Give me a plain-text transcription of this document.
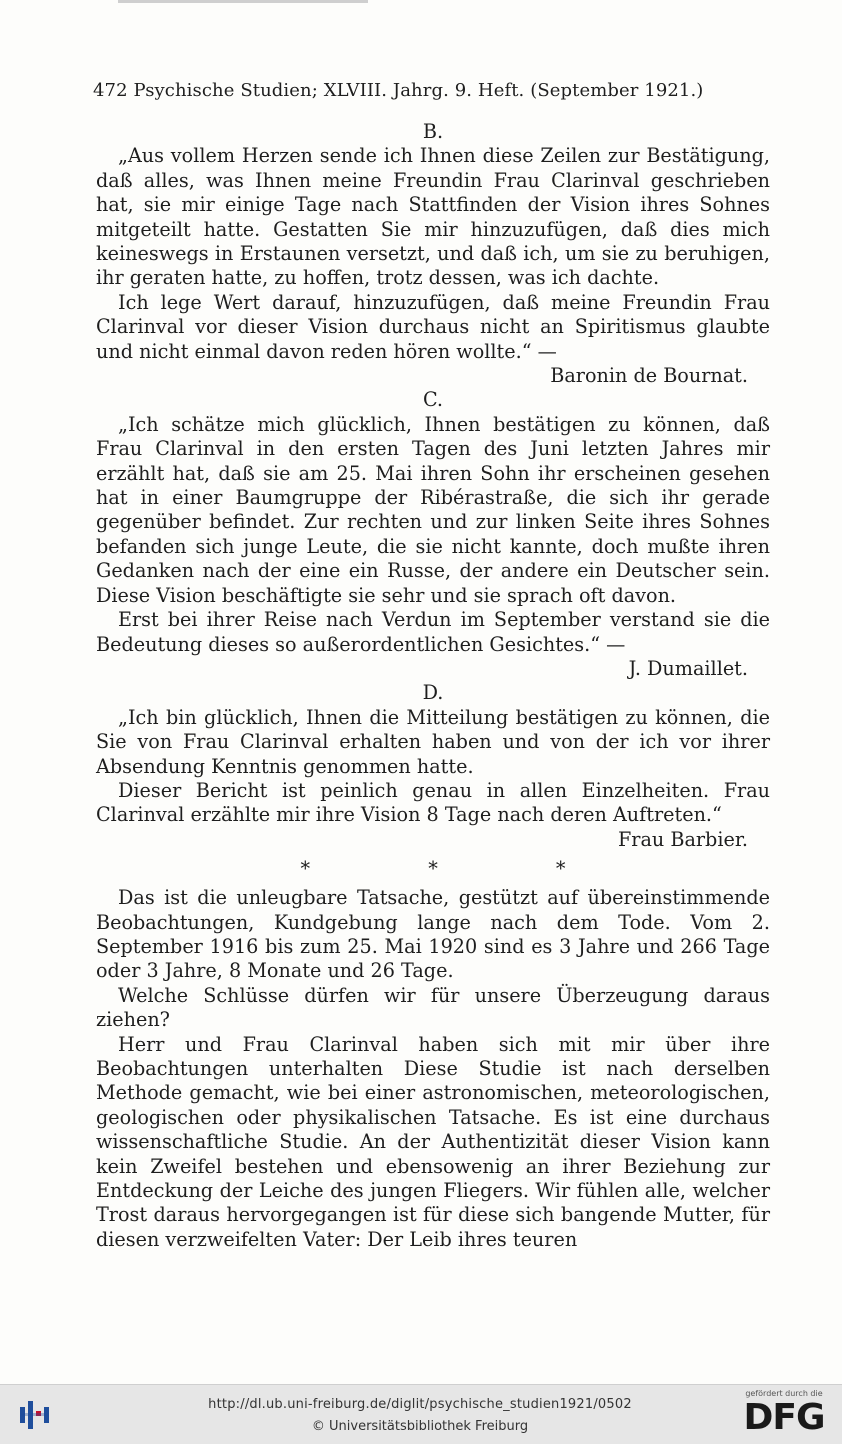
472 Psychische Studien; XLVIII. Jahrg. 9. Heft. (September 1921.)
B.

„Aus vollem Herzen sende ich Ihnen diese Zeilen zur Bestätigung, daß alles, was Ihnen meine Freundin Frau Clarinval geschrieben hat, sie mir einige Tage nach Stattfinden der Vision ihres Sohnes mitgeteilt hatte. Gestatten Sie mir hinzuzufügen, daß dies mich keineswegs in Erstaunen versetzt, und daß ich, um sie zu beruhigen, ihr geraten hatte, zu hoffen, trotz dessen, was ich dachte.

Ich lege Wert darauf, hinzuzufügen, daß meine Freundin Frau Clarinval vor dieser Vision durchaus nicht an Spiritismus glaubte und nicht einmal davon reden hören wollte.“ —

Baronin de Bournat.
C.

„Ich schätze mich glücklich, Ihnen bestätigen zu können, daß Frau Clarinval in den ersten Tagen des Juni letzten Jahres mir erzählt hat, daß sie am 25. Mai ihren Sohn ihr erscheinen gesehen hat in einer Baumgruppe der Ribérastraße, die sich ihr gerade gegenüber befindet. Zur rechten und zur linken Seite ihres Sohnes befanden sich junge Leute, die sie nicht kannte, doch mußte ihren Gedanken nach der eine ein Russe, der andere ein Deutscher sein. Diese Vision beschäftigte sie sehr und sie sprach oft davon.

Erst bei ihrer Reise nach Verdun im September verstand sie die Bedeutung dieses so außerordentlichen Gesichtes.“ —

J. Dumaillet.
D.

„Ich bin glücklich, Ihnen die Mitteilung bestätigen zu können, die Sie von Frau Clarinval erhalten haben und von der ich vor ihrer Absendung Kenntnis genommen hatte.

Dieser Bericht ist peinlich genau in allen Einzelheiten. Frau Clarinval erzählte mir ihre Vision 8 Tage nach deren Auftreten.“

Frau Barbier.
* * *

Das ist die unleugbare Tatsache, gestützt auf übereinstimmende Beobachtungen, Kundgebung lange nach dem Tode. Vom 2. September 1916 bis zum 25. Mai 1920 sind es 3 Jahre und 266 Tage oder 3 Jahre, 8 Monate und 26 Tage.

Welche Schlüsse dürfen wir für unsere Überzeugung daraus ziehen?

Herr und Frau Clarinval haben sich mit mir über ihre Beobachtungen unterhalten Diese Studie ist nach derselben Methode gemacht, wie bei einer astronomischen, meteorologischen, geologischen oder physikalischen Tatsache. Es ist eine durchaus wissenschaftliche Studie. An der Authentizität dieser Vision kann kein Zweifel bestehen und ebensowenig an ihrer Beziehung zur Entdeckung der Leiche des jungen Fliegers. Wir fühlen alle, welcher Trost daraus hervorgegangen ist für diese sich bangende Mutter, für diesen verzweifelten Vater: Der Leib ihres teuren

http://dl.ub.uni-freiburg.de/diglit/psychische_studien1921/0502
© Universitätsbibliothek Freiburg
gefördert durch die
DFG
